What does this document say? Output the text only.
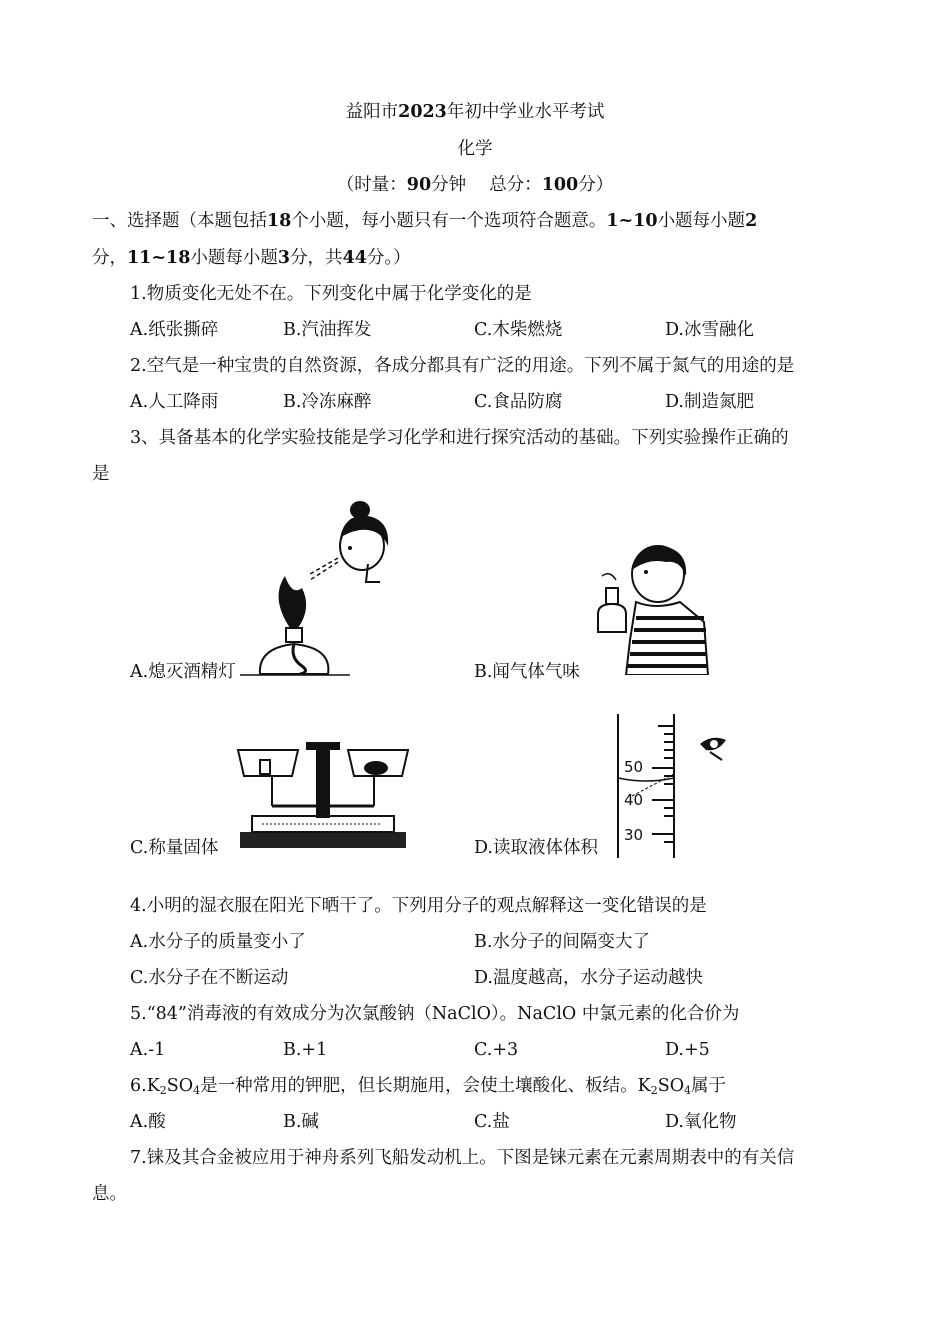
益阳市2023年初中学业水平考试
化学
（时量：90分钟　 总分：100分）
一、选择题（本题包括18个小题，每小题只有一个选项符合题意。1~10小题每小题2
分，11~18小题每小题3分，共44分。）
1.物质变化无处不在。下列变化中属于化学变化的是
A.纸张撕碎	B.汽油挥发	C.木柴燃烧	D.冰雪融化
2.空气是一种宝贵的自然资源，各成分都具有广泛的用途。下列不属于氮气的用途的是
A.人工降雨	B.冷冻麻醉	C.食品防腐	D.制造氮肥
3、具备基本的化学实验技能是学习化学和进行探究活动的基础。下列实验操作正确的
是
A.熄灭酒精灯	B.闻气体气味
C.称量固体
50
40
30
D.读取液体体积
4.小明的湿衣服在阳光下晒干了。下列用分子的观点解释这一变化错误的是
A.水分子的质量变小了	B.水分子的间隔变大了
C.水分子在不断运动	D.温度越高，水分子运动越快
5.“84”消毒液的有效成分为次氯酸钠（NaClO）。NaClO 中氯元素的化合价为
A.-1	B.+1	C.+3	D.+5
$6.K_2SO_4$是一种常用的钾肥，但长期施用，会使土壤酸化、板结。$K_2SO_4$属于
A.酸	B.碱	C.盐	D.氧化物
7.铼及其合金被应用于神舟系列飞船发动机上。下图是铼元素在元素周期表中的有关信
息。
